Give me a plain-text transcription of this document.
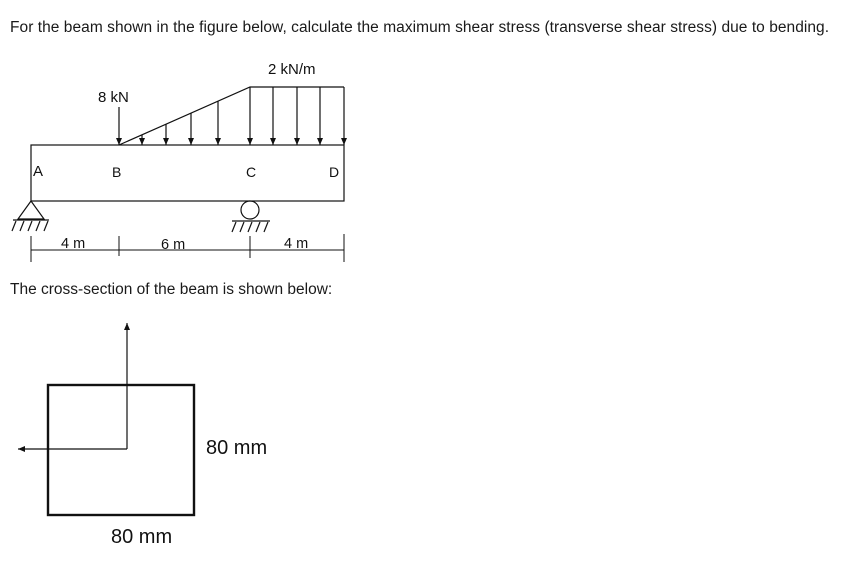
For the beam shown in the figure below, calculate the maximum shear stress (transverse shear stress) due to bending.
8 kN
2 kN/m
A	B	C	D
4 m	6 m	4 m
80 mm
80 mm
The cross-section of the beam is shown below:
